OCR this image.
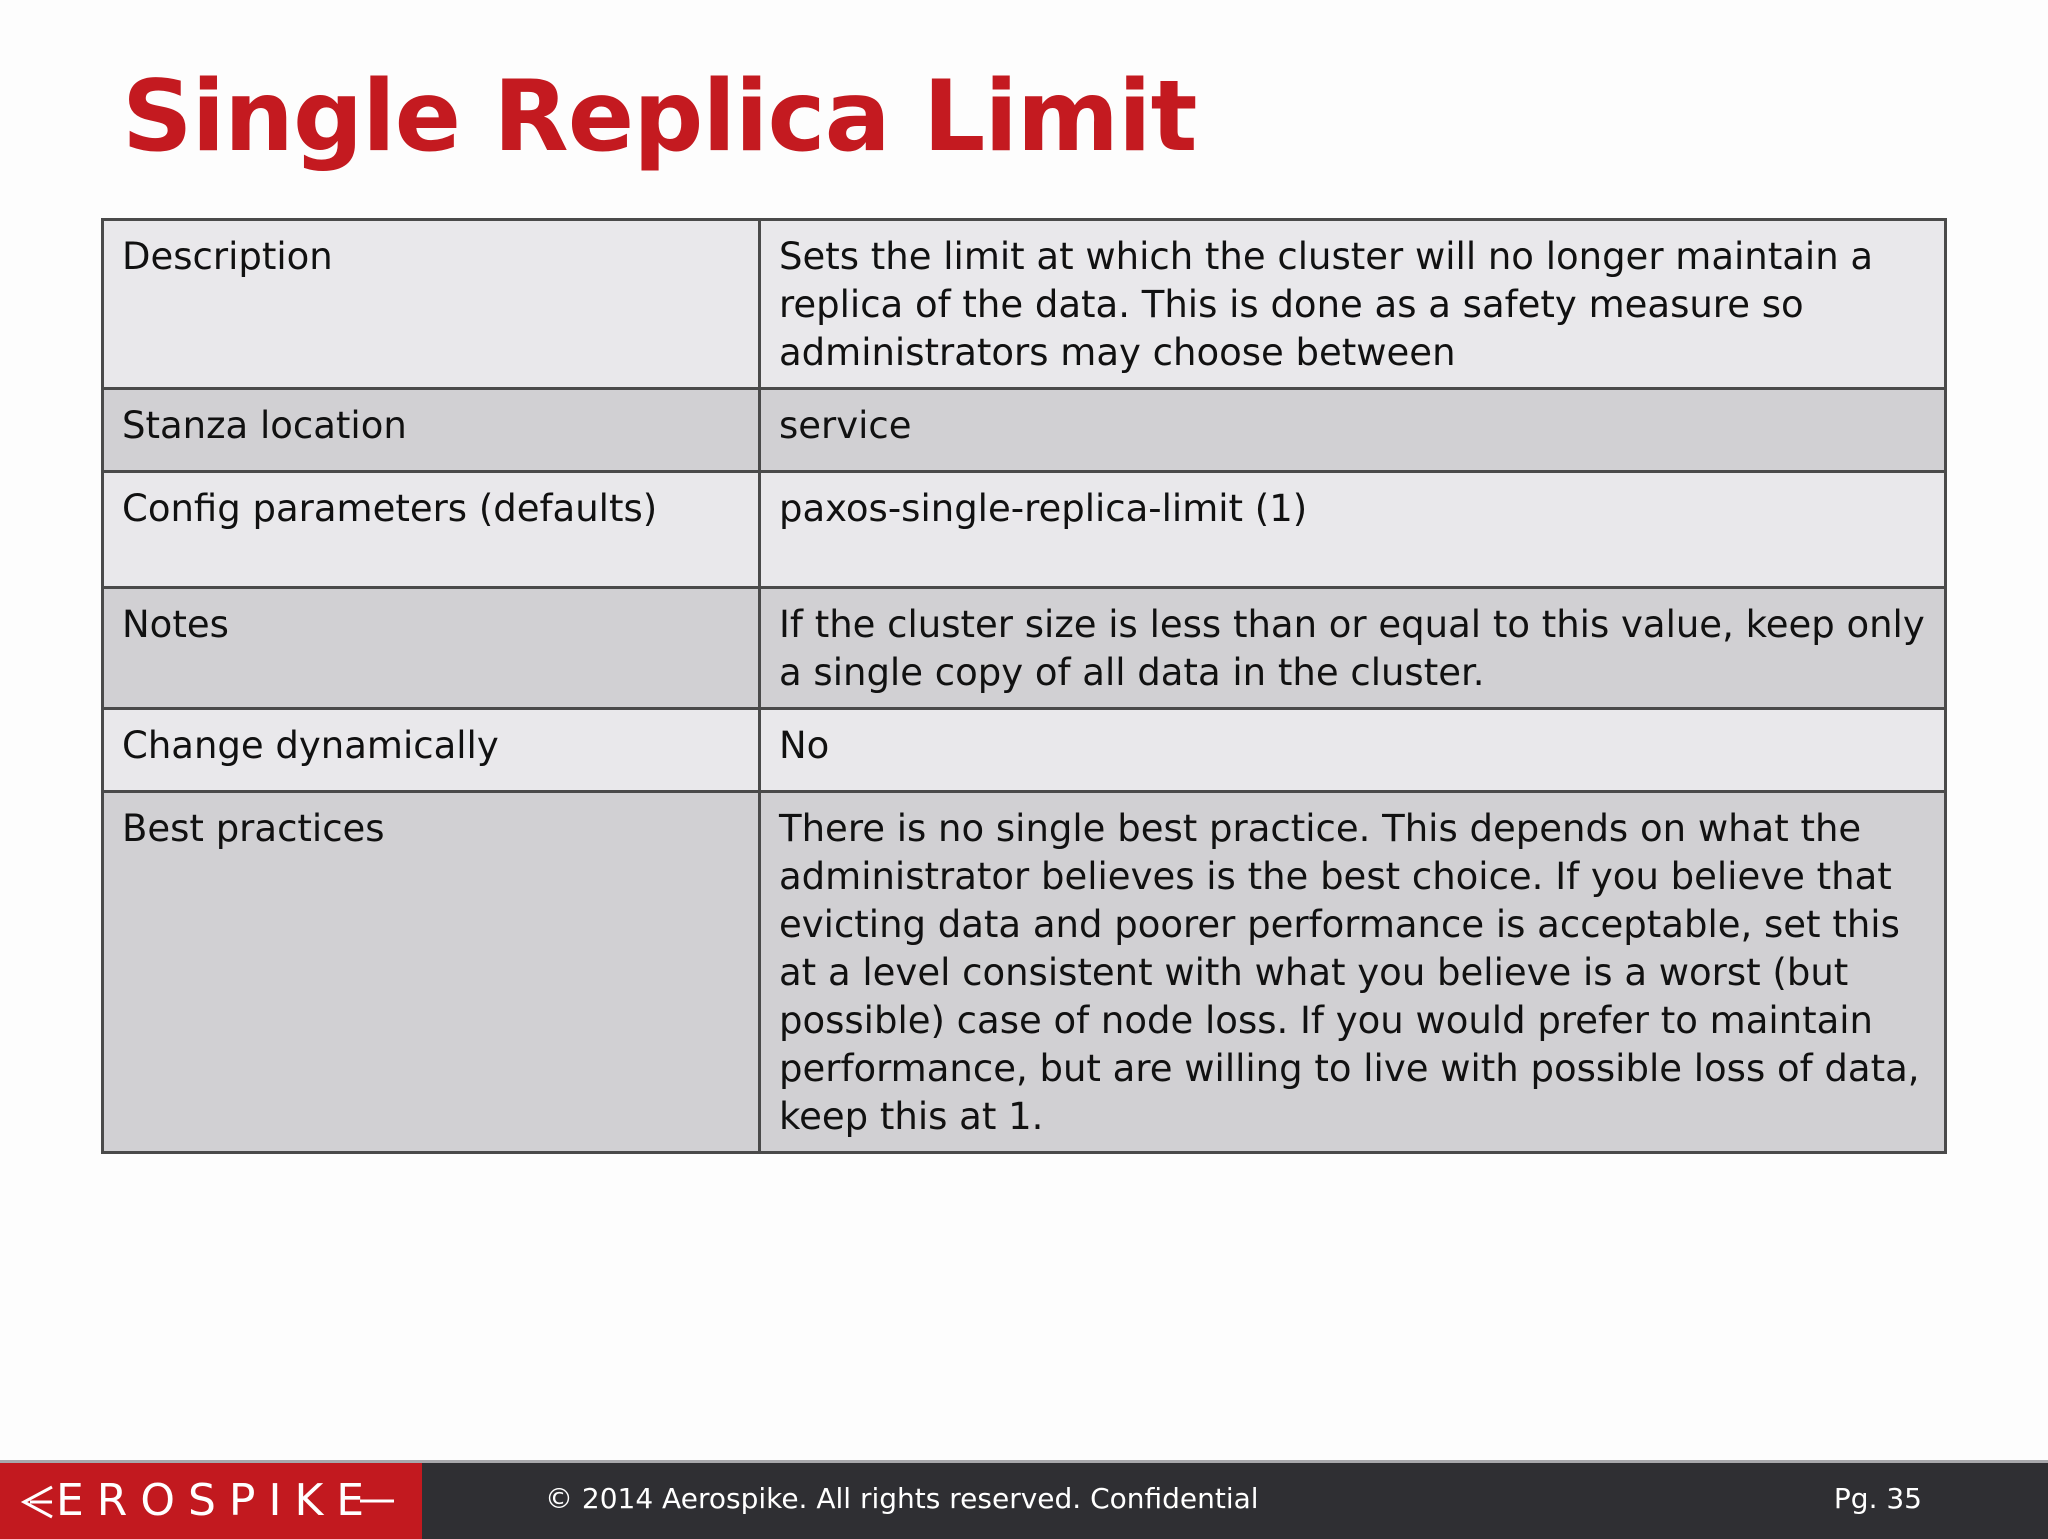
Single Replica Limit
Description	Sets the limit at which the cluster will no longer maintain a replica of the data. This is done as a safety measure so administrators may choose between
Stanza location	service
Config parameters (defaults)	paxos-single-replica-limit (1)
Notes	If the cluster size is less than or equal to this value, keep only a single copy of all data in the cluster.
Change dynamically	No
Best practices	There is no single best practice. This depends on what the administrator believes is the best choice. If you believe that evicting data and poorer performance is acceptable, set this at a level consistent with what you believe is a worst (but possible) case of node loss. If you would prefer to maintain performance, but are willing to live with possible loss of data, keep this at 1.
EROSPIKE	© 2014 Aerospike. All rights reserved. Confidential	Pg. 35
